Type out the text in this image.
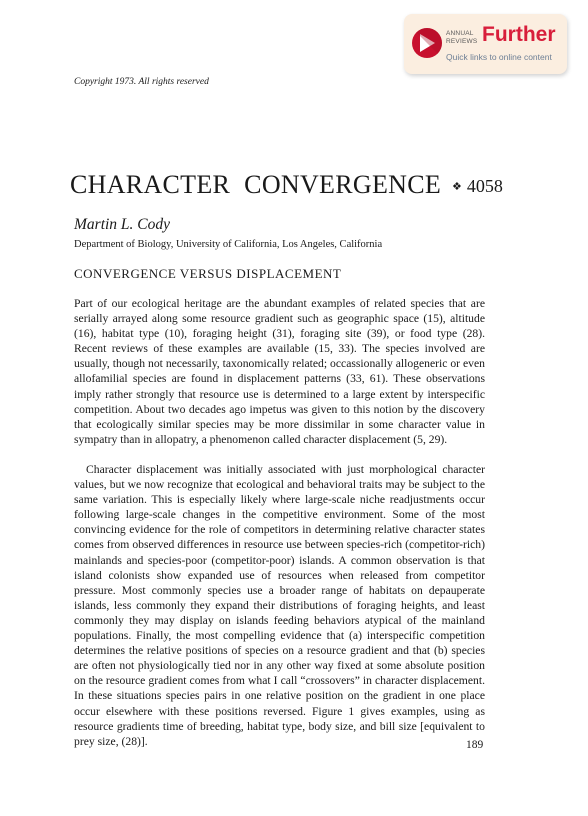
ANNUAL REVIEWS Further
Quick links to online content
Copyright 1973. All rights reserved
CHARACTER CONVERGENCE ❖ 4058
Martin L. Cody
Department of Biology, University of California, Los Angeles, California
CONVERGENCE VERSUS DISPLACEMENT

Part of our ecological heritage are the abundant examples of related species that are serially arrayed along some resource gradient such as geographic space (15), altitude (16), habitat type (10), foraging height (31), foraging site (39), or food type (28). Recent reviews of these examples are available (15, 33). The species involved are usually, though not necessarily, taxonomically related; occassionally allogeneric or even allofamilial species are found in displacement patterns (33, 61). These observations imply rather strongly that resource use is determined to a large extent by interspecific competition. About two decades ago impetus was given to this notion by the discovery that ecologically similar species may be more dissimilar in some character value in sympatry than in allopatry, a phenomenon called character displacement (5, 29).

Character displacement was initially associated with just morphological character values, but we now recognize that ecological and behavioral traits may be subject to the same variation. This is especially likely where large-scale niche readjustments occur following large-scale changes in the competitive environment. Some of the most convincing evidence for the role of competitors in determining relative character states comes from observed differences in resource use between species-rich (competitor-rich) mainlands and species-poor (competitor-poor) islands. A common observation is that island colonists show expanded use of resources when released from competitor pressure. Most commonly species use a broader range of habitats on depauperate islands, less commonly they expand their distributions of foraging heights, and least commonly they may display on islands feeding behaviors atypical of the mainland populations. Finally, the most compelling evidence that (a) interspecific competition determines the relative positions of species on a resource gradient and that (b) species are often not physiologically tied nor in any other way fixed at some absolute position on the resource gradient comes from what I call “crossovers” in character displacement. In these situations species pairs in one relative position on the gradient in one place occur elsewhere with these positions reversed. Figure 1 gives examples, using as resource gradients time of breeding, habitat type, body size, and bill size [equivalent to prey size, (28)].	189
